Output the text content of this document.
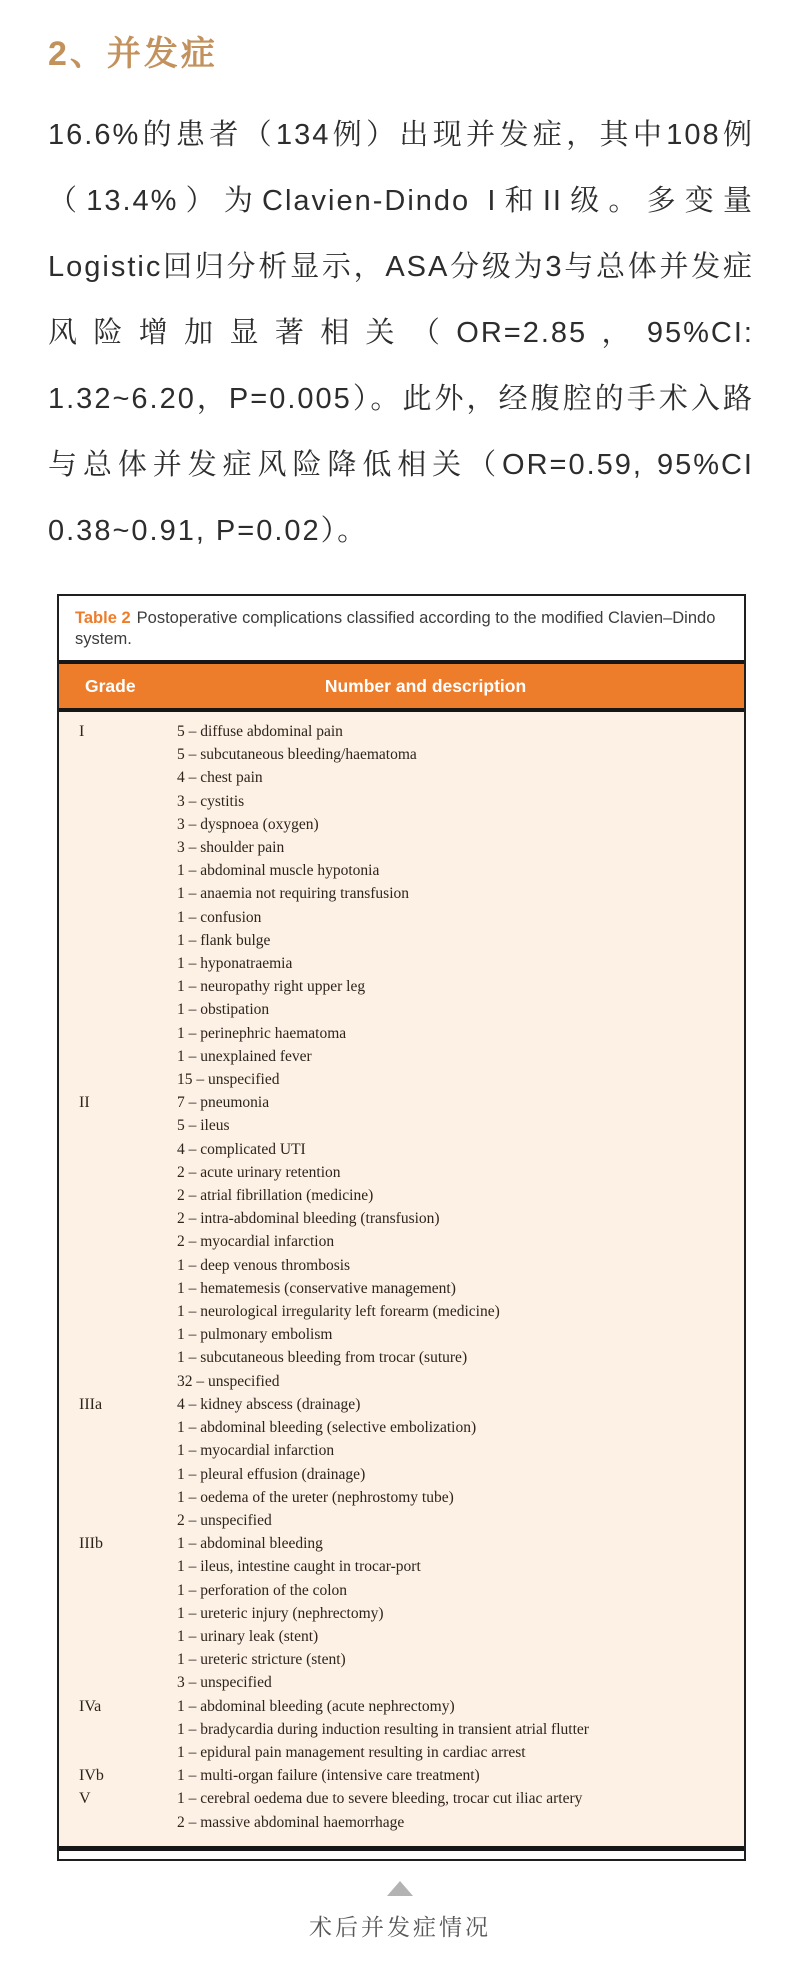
2、并发症

16.6%的患者（134例）出现并发症，其中108例（13.4%）为Clavien-Dindo I和II级。多变量Logistic回归分析显示，ASA分级为3与总体并发症风险增加显著相关（OR=2.85，95%CI: 1.32~6.20，P=0.005）。此外，经腹腔的手术入路与总体并发症风险降低相关（OR=0.59, 95%CI 0.38~0.91, P=0.02）。

Table 2 Postoperative complications classified according to the modified Clavien–Dindo system.
Grade	Number and description
I	5 – diffuse abdominal pain
5 – subcutaneous bleeding/haematoma
4 – chest pain
3 – cystitis
3 – dyspnoea (oxygen)
3 – shoulder pain
1 – abdominal muscle hypotonia
1 – anaemia not requiring transfusion
1 – confusion
1 – flank bulge
1 – hyponatraemia
1 – neuropathy right upper leg
1 – obstipation
1 – perinephric haematoma
1 – unexplained fever
15 – unspecified
II	7 – pneumonia
5 – ileus
4 – complicated UTI
2 – acute urinary retention
2 – atrial fibrillation (medicine)
2 – intra-abdominal bleeding (transfusion)
2 – myocardial infarction
1 – deep venous thrombosis
1 – hematemesis (conservative management)
1 – neurological irregularity left forearm (medicine)
1 – pulmonary embolism
1 – subcutaneous bleeding from trocar (suture)
32 – unspecified
IIIa	4 – kidney abscess (drainage)
1 – abdominal bleeding (selective embolization)
1 – myocardial infarction
1 – pleural effusion (drainage)
1 – oedema of the ureter (nephrostomy tube)
2 – unspecified
IIIb	1 – abdominal bleeding
1 – ileus, intestine caught in trocar-port
1 – perforation of the colon
1 – ureteric injury (nephrectomy)
1 – urinary leak (stent)
1 – ureteric stricture (stent)
3 – unspecified
IVa	1 – abdominal bleeding (acute nephrectomy)
1 – bradycardia during induction resulting in transient atrial flutter
1 – epidural pain management resulting in cardiac arrest
IVb	1 – multi-organ failure (intensive care treatment)
V	1 – cerebral oedema due to severe bleeding, trocar cut iliac artery
2 – massive abdominal haemorrhage
术后并发症情况
